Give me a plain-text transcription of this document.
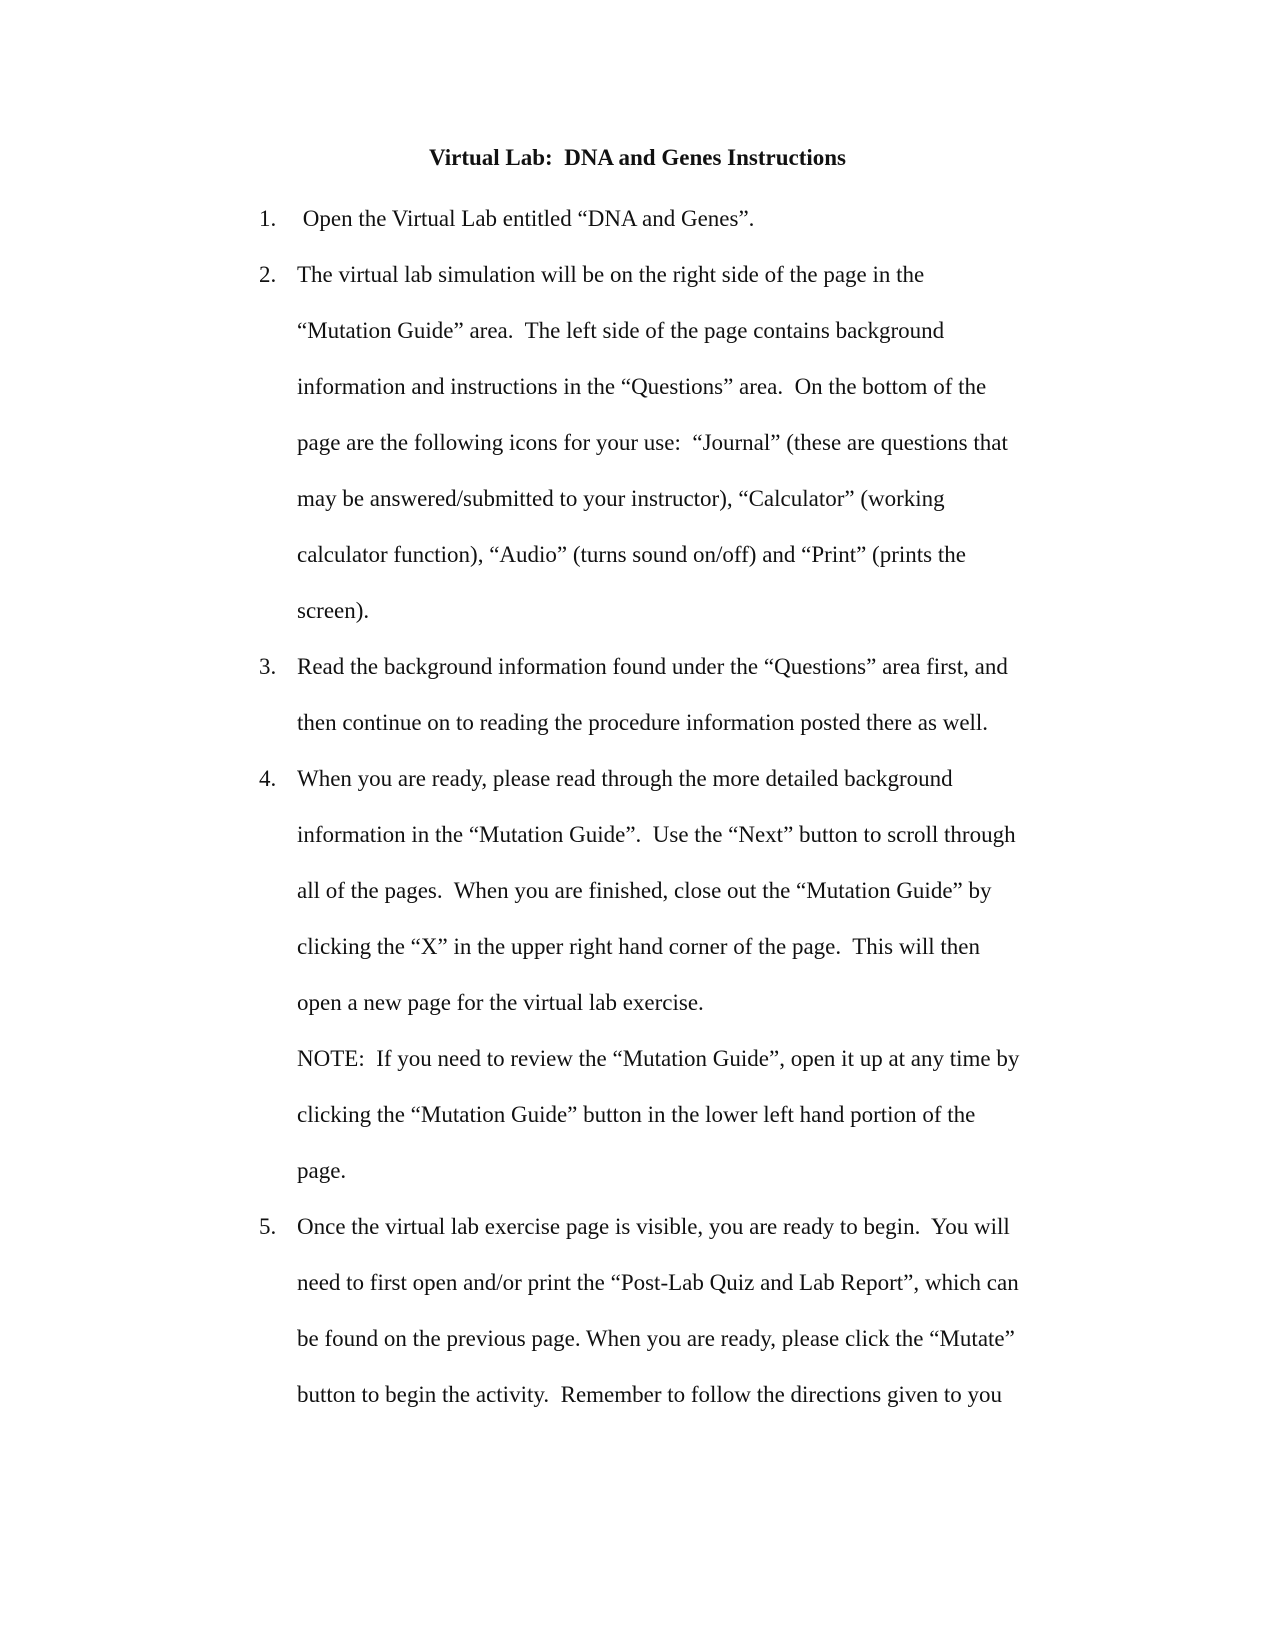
Virtual Lab:  DNA and Genes Instructions
1. Open the Virtual Lab entitled “DNA and Genes”.
2. The virtual lab simulation will be on the right side of the page in the
“Mutation Guide” area.  The left side of the page contains background
information and instructions in the “Questions” area.  On the bottom of the
page are the following icons for your use:  “Journal” (these are questions that
may be answered/submitted to your instructor), “Calculator” (working
calculator function), “Audio” (turns sound on/off) and “Print” (prints the
screen).
3. Read the background information found under the “Questions” area first, and
then continue on to reading the procedure information posted there as well.
4. When you are ready, please read through the more detailed background
information in the “Mutation Guide”.  Use the “Next” button to scroll through
all of the pages.  When you are finished, close out the “Mutation Guide” by
clicking the “X” in the upper right hand corner of the page.  This will then
open a new page for the virtual lab exercise.
NOTE:  If you need to review the “Mutation Guide”, open it up at any time by
clicking the “Mutation Guide” button in the lower left hand portion of the
page.
5. Once the virtual lab exercise page is visible, you are ready to begin.  You will
need to first open and/or print the “Post-Lab Quiz and Lab Report”, which can
be found on the previous page. When you are ready, please click the “Mutate”
button to begin the activity.  Remember to follow the directions given to you
